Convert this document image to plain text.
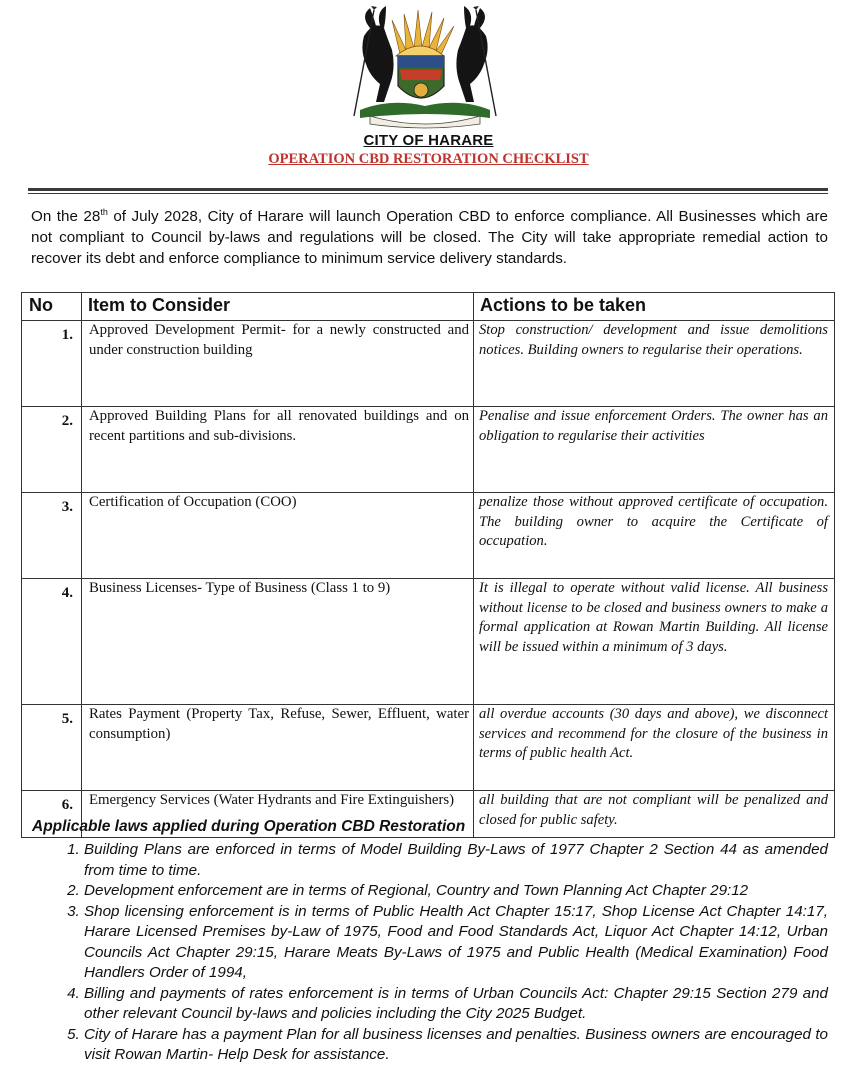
CITY OF HARARE
OPERATION CBD RESTORATION CHECKLIST

On the 28th of July 2028, City of Harare will launch Operation CBD to enforce compliance. All Businesses which are not compliant to Council by-laws and regulations will be closed. The City will take appropriate remedial action to recover its debt and enforce compliance to minimum service delivery standards.

No	Item to Consider	Actions to be taken
1.	Approved Development Permit- for a newly constructed and under construction building	Stop construction/ development and issue demolitions notices. Building owners to regularise their operations.
2.	Approved Building Plans for all renovated buildings and on recent partitions and sub-divisions.	Penalise and issue enforcement Orders. The owner has an obligation to regularise their activities
3.	Certification of Occupation (COO)	penalize those without approved certificate of occupation. The building owner to acquire the Certificate of occupation.
4.	Business Licenses- Type of Business (Class 1 to 9)	It is illegal to operate without valid license. All business without license to be closed and business owners to make a formal application at Rowan Martin Building. All license will be issued within a minimum of 3 days.
5.	Rates Payment (Property Tax, Refuse, Sewer, Effluent, water consumption)	all overdue accounts (30 days and above), we disconnect services and recommend for the closure of the business in terms of public health Act.
6.	Emergency Services (Water Hydrants and Fire Extinguishers)	all building that are not compliant will be penalized and closed for public safety.
Applicable laws applied during Operation CBD Restoration
1. Building Plans are enforced in terms of Model Building By-Laws of 1977 Chapter 2 Section 44 as amended from time to time.
2. Development enforcement are in terms of Regional, Country and Town Planning Act Chapter 29:12
3. Shop licensing enforcement is in terms of Public Health Act Chapter 15:17, Shop License Act Chapter 14:17, Harare Licensed Premises by-Law of 1975, Food and Food Standards Act, Liquor Act Chapter 14:12, Urban Councils Act Chapter 29:15, Harare Meats By-Laws of 1975 and Public Health (Medical Examination) Food Handlers Order of 1994,
4. Billing and payments of rates enforcement is in terms of Urban Councils Act: Chapter 29:15 Section 279 and other relevant Council by-laws and policies including the City 2025 Budget.
5. City of Harare has a payment Plan for all business licenses and penalties. Business owners are encouraged to visit Rowan Martin- Help Desk for assistance.
